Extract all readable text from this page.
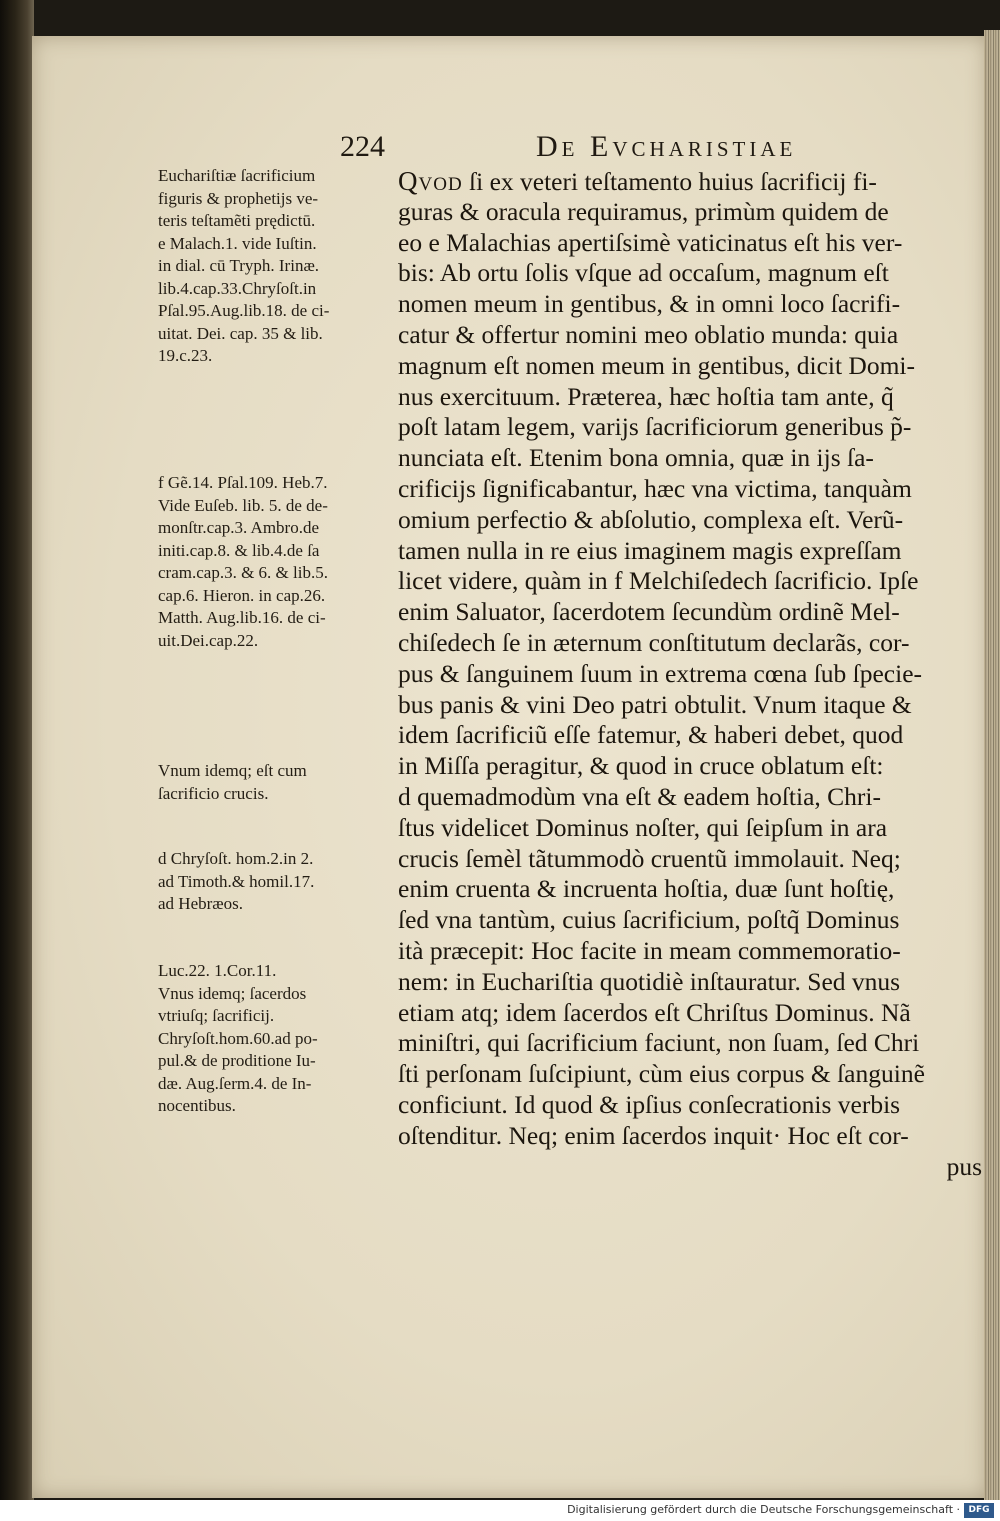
224	De Evcharistiae
Euchariſtiæ ſacrificium
figuris & prophetijs ve-
teris teſtamẽti prędictū.
e Malach.1. vide Iuſtin.
in dial. cū Tryph. Irinæ.
lib.4.cap.33.Chryſoſt.in
Pſal.95.Aug.lib.18. de ci-
uitat. Dei. cap. 35 & lib.
19.c.23.
f Gẽ.14. Pſal.109. Heb.7.
Vide Euſeb. lib. 5. de de-
monſtr.cap.3. Ambro.de
initi.cap.8. & lib.4.de ſa
cram.cap.3. & 6. & lib.5.
cap.6. Hieron. in cap.26.
Matth. Aug.lib.16. de ci-
uit.Dei.cap.22.
Vnum idemq; eſt cum
ſacrificio crucis.
d Chryſoſt. hom.2.in 2.
ad Timoth.& homil.17.
ad Hebræos.
Luc.22. 1.Cor.11.
Vnus idemq; ſacerdos
vtriuſq; ſacrificij.
Chryſoſt.hom.60.ad po-
pul.& de proditione Iu-
dæ. Aug.ſerm.4. de In-
nocentibus.
Qvod ſi ex veteri teſtamento huius ſacrificij fi-
guras & oracula requiramus, primùm quidem de
eo e Malachias apertiſsimè vaticinatus eſt his ver-
bis: Ab ortu ſolis vſque ad occaſum, magnum eſt
nomen meum in gentibus, & in omni loco ſacrifi-
catur & offertur nomini meo oblatio munda: quia
magnum eſt nomen meum in gentibus, dicit Domi-
nus exercituum. Præterea, hæc hoſtia tam ante, q̃
poſt latam legem, varijs ſacrificiorum generibus p̃-
nunciata eſt. Etenim bona omnia, quæ in ijs ſa-
crificijs ſignificabantur, hæc vna victima, tanquàm
omium perfectio & abſolutio, complexa eſt. Verũ-
tamen nulla in re eius imaginem magis expreſſam
licet videre, quàm in f Melchiſedech ſacrificio. Ipſe
enim Saluator, ſacerdotem ſecundùm ordinẽ Mel-
chiſedech ſe in æternum conſtitutum declarãs, cor-
pus & ſanguinem ſuum in extrema cœna ſub ſpecie-
bus panis & vini Deo patri obtulit. Vnum itaque &
idem ſacrificiũ eſſe fatemur, & haberi debet, quod
in Miſſa peragitur, & quod in cruce oblatum eſt:
d quemadmodùm vna eſt & eadem hoſtia, Chri-
ſtus videlicet Dominus noſter, qui ſeipſum in ara
crucis ſemèl tãtummodò cruentũ immolauit. Neq;
enim cruenta & incruenta hoſtia, duæ ſunt hoſtię,
ſed vna tantùm, cuius ſacrificium, poſtq̃ Dominus
ità præcepit: Hoc facite in meam commemoratio-
nem: in Euchariſtia quotidiè inſtauratur. Sed vnus
etiam atq; idem ſacerdos eſt Chriſtus Dominus. Nã
miniſtri, qui ſacrificium faciunt, non ſuam, ſed Chri
ſti perſonam ſuſcipiunt, cùm eius corpus & ſanguinẽ
conficiunt. Id quod & ipſius conſecrationis verbis
oſtenditur. Neq; enim ſacerdos inquit· Hoc eſt cor-
pus
Digitalisierung gefördert durch die Deutsche Forschungsgemeinschaft · DFG
